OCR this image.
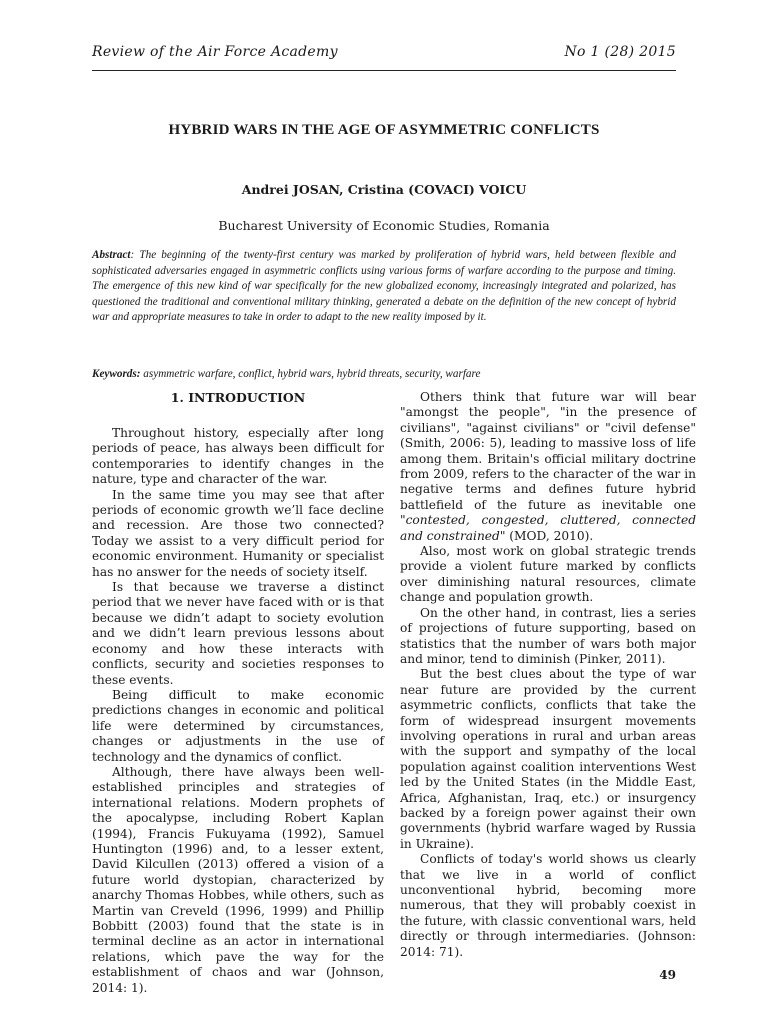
Review of the Air Force Academy	No 1 (28) 2015
HYBRID WARS IN THE AGE OF ASYMMETRIC CONFLICTS
Andrei JOSAN, Cristina (COVACI) VOICU
Bucharest University of Economic Studies, Romania
Abstract: The beginning of the twenty-first century was marked by proliferation of hybrid wars, held between flexible and sophisticated adversaries engaged in asymmetric conflicts using various forms of warfare according to the purpose and timing. The emergence of this new kind of war specifically for the new globalized economy, increasingly integrated and polarized, has questioned the traditional and conventional military thinking, generated a debate on the definition of the new concept of hybrid war and appropriate measures to take in order to adapt to the new reality imposed by it.
Keywords: asymmetric warfare, conflict, hybrid wars, hybrid threats, security, warfare
1. INTRODUCTION

Throughout history, especially after long periods of peace, has always been difficult for contemporaries to identify changes in the nature, type and character of the war.

In the same time you may see that after periods of economic growth we’ll face decline and recession. Are those two connected? Today we assist to a very difficult period for economic environment. Humanity or specialist has no answer for the needs of society itself.

Is that because we traverse a distinct period that we never have faced with or is that because we didn’t adapt to society evolution and we didn’t learn previous lessons about economy and how these interacts with conflicts, security and societies responses to these events.

Being difficult to make economic predictions changes in economic and political life were determined by circumstances, changes or adjustments in the use of technology and the dynamics of conflict.

Although, there have always been well-established principles and strategies of international relations. Modern prophets of the apocalypse, including Robert Kaplan (1994), Francis Fukuyama (1992), Samuel Huntington (1996) and, to a lesser extent, David Kilcullen (2013) offered a vision of a future world dystopian, characterized by anarchy Thomas Hobbes, while others, such as Martin van Creveld (1996, 1999) and Phillip Bobbitt (2003) found that the state is in terminal decline as an actor in international relations, which pave the way for the establishment of chaos and war (Johnson, 2014: 1).

Others think that future war will bear "amongst the people", "in the presence of civilians", "against civilians" or "civil defense" (Smith, 2006: 5), leading to massive loss of life among them. Britain's official military doctrine from 2009, refers to the character of the war in negative terms and defines future hybrid battlefield of the future as inevitable one "contested, congested, cluttered, connected and constrained" (MOD, 2010).

Also, most work on global strategic trends provide a violent future marked by conflicts over diminishing natural resources, climate change and population growth.

On the other hand, in contrast, lies a series of projections of future supporting, based on statistics that the number of wars both major and minor, tend to diminish (Pinker, 2011).

But the best clues about the type of war near future are provided by the current asymmetric conflicts, conflicts that take the form of widespread insurgent movements involving operations in rural and urban areas with the support and sympathy of the local population against coalition interventions West led by the United States (in the Middle East, Africa, Afghanistan, Iraq, etc.) or insurgency backed by a foreign power against their own governments (hybrid warfare waged by Russia in Ukraine).

Conflicts of today's world shows us clearly that we live in a world of conflict unconventional hybrid, becoming more numerous, that they will probably coexist in the future, with classic conventional wars, held directly or through intermediaries. (Johnson: 2014: 71).

49
